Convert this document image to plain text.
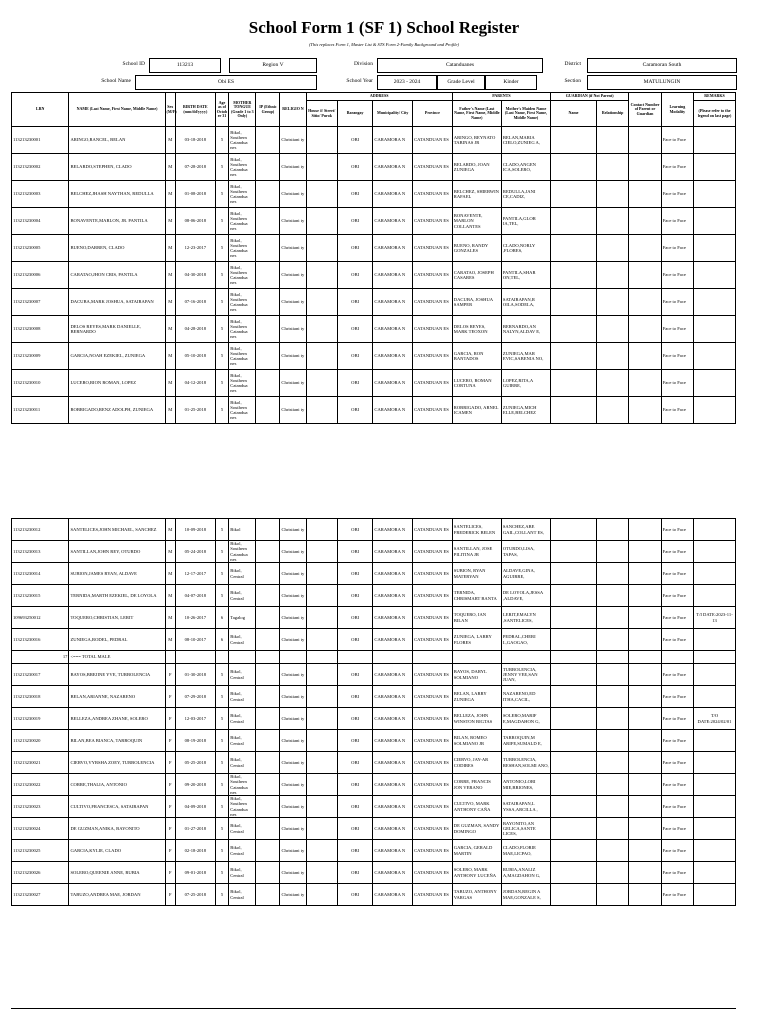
School Form 1 (SF 1) School Register
(This replaces Form 1, Master List & STS Form 2-Family Background and Profile)
School ID	113213	Region V	Division	Catanduanes	District	Caramoran South
School Name	Obi ES	School Year	2023 - 2024	Grade Level	Kinder	Section	MATULUNGIN
LRN	NAME (Last Name, First Name, Middle Name)	Sex (M/F)	BIRTH DATE (mm/dd/yyyy)	Age as of Octob er 31	MOTHER TONGUE (Grade 1 to 3 Only)	IP (Ethnic Group)	RELIGIO N	ADDRESS				PARENTS		GUARDIAN (if Not Parent)		Contact Number of Parent or Guardian	Learning Modality	REMARKS
								House #/ Street/ Sitio/ Purok	Barangay	Municipality/ City	Province	Father's Name (Last Name, First Name, Middle Name)	Mother's Maiden Name (Last Name, First Name, Middle Name)	Name	Relationship			(Please refer to the legend on last page)
113213230001	ARINGO,RANCEL, BELAN	M	03-18-2018	5	Bikol, Southern Catandua nes		Christiani ty		OBI	CARAMORA N	CATANDUAN ES	ARINGO, REYNATO TABINAS JR	BELAN,MARIA CIELO,ZUNIEG A,				Face to Face	
113213230002	BELARDO,STEPHEN, CLADO	M	07-28-2018	5	Bikol, Southern Catandua nes		Christiani ty		OBI	CARAMORA N	CATANDUAN ES	BELARDO, JOAN ZUNIEGA	CLADO,ANGEN ICA,SOLERO,				Face to Face	
113213230003	BELCHEZ,JHASH NAYTHAN, REDULLA	M	01-08-2018	5	Bikol, Southern Catandua nes		Christiani ty		OBI	CARAMORA N	CATANDUAN ES	BELCHEZ, SHIERWIN RAFAEL	REDULLA,JANI CE,CADIZ,				Face to Face	
113213230004	BONAVENTE,MARLON, JR. PANTILA	M	08-06-2018	5	Bikol, Southern Catandua nes		Christiani ty		OBI	CARAMORA N	CATANDUAN ES	BONAVENTE, MARLON COLLANTES	PANTILA,GLOR IA,TEL,				Face to Face	
113213230005	BUENO,DARREN, CLADO	M	12-23-2017	5	Bikol, Southern Catandua nes		Christiani ty		OBI	CARAMORA N	CATANDUAN ES	BUENO, RANDY GONZALES	CLADO,NORLY ,FLORES,				Face to Face	
113213230006	CARATAO,JHON CRIS, PANTILA	M	04-30-2018	5	Bikol, Southern Catandua nes		Christiani ty		OBI	CARAMORA N	CATANDUAN ES	CARATAO, JOSEPH CASARES	PANTILA,SHAR ON,TEL,				Face to Face	
113213230007	DACUBA,MARK JOSHUA, SATAIRAPAN	M	07-16-2018	5	Bikol, Southern Catandua nes		Christiani ty		OBI	CARAMORA N	CATANDUAN ES	DACUBA, JOSHUA SAMPER	SATAIRAPAN,R OILA,SODELA,				Face to Face	
113213230008	DELOS REYES,MARK DANIELLE, BERNARDO	M	04-28-2018	5	Bikol, Southern Catandua nes		Christiani ty		OBI	CARAMORA N	CATANDUAN ES	DELOS REYES, MARK TEOXON	BERNARDO,AN NALYN,ALDAV E,				Face to Face	
113213230009	GARCIA,NOAH EZEKIEL, ZUNIEGA	M	05-10-2018	5	Bikol, Southern Catandua nes		Christiani ty		OBI	CARAMORA N	CATANDUAN ES	GARCIA, RON BANTADOS	ZUNIEGA,MAR EVIC,SABENIA NO,				Face to Face	
113213230010	LUCERO,RION ROMAN, LOPEZ	M	04-12-2018	5	Bikol, Southern Catandua nes		Christiani ty		OBI	CARAMORA N	CATANDUAN ES	LUCERO, ROMAN CORTUNA	LOPEZ,RITA,A GUIRRE,				Face to Face	
113213230011	ROBRIGADO,RENZ ADOLPH, ZUNIEGA	M	01-25-2018	5	Bikol, Southern Catandua nes		Christiani ty		OBI	CARAMORA N	CATANDUAN ES	ROBRIGADO, ARNEL ICAMEN	ZUNIEGA,MICH ELLE,BELCHEZ				Face to Face	
113213230012	SANTELICES,JOHN MICHAEL, SANCHEZ	M	10-09-2018	5	Bikol		Christiani ty		OBI	CARAMORA N	CATANDUAN ES	SANTELICES, FREDERICK BELEN	SANCHEZ,ABE GAIL,COLLANT ES,				Face to Face	
113213230013	SANTILLAN,JOHN REY, OTURDO	M	05-24-2018	5	Bikol, Southern Catandua nes		Christiani ty		OBI	CARAMORA N	CATANDUAN ES	SANTILLAN, JOSE PILITINA JR	OTURDO,LISA, TAPAS,				Face to Face	
113213230014	SUBION,JAMES RYAN, ALDAVE	M	12-17-2017	5	Bikol, Central		Christiani ty		OBI	CARAMORA N	CATANDUAN ES	SUBION, RYAN MATERYAN	ALDAVE,GINA, AGUIRRE,				Face to Face	
113213230015	TERNIDA,MARTH EZEKIEL, DE LOYOLA	M	04-07-2018	5	Bikol, Central		Christiani ty		OBI	CARAMORA N	CATANDUAN ES	TERNIDA, CHRISMART BANTA	DE LOYOLA,JESSA ,ALDAVE,				Face to Face	
109693250012	TOQUERO,CHRISTIAN, LERIT	M	10-26-2017	6	Tagalog		Christiani ty		OBI	CARAMORA N	CATANDUAN ES	TOQUERO, IAN BILAN	LERIT,EMALYN ,SANTELICES,				Face to Face	T/I DATE:2023-11-13
113213230016	ZUNIEGA,RODEL, PEDRAL	M	08-10-2017	6	Bikol, Central		Christiani ty		OBI	CARAMORA N	CATANDUAN ES	ZUNIEGA, LARRY FLORES	PEDRAL,CHERI L,GAOGAO,				Face to Face	
17	<=== TOTAL MALE																	
113213230017	BAYOS,BREJINE YVE, TURBOLENCIA	F	01-30-2018	5	Bikol, Central		Christiani ty		OBI	CARAMORA N	CATANDUAN ES	BAYOS, DARYL SOLMIANO	TURBOLENCIA, JENNY VEE,SAN JUAN,				Face to Face	
113213230018	BELAN,ARIANNE, NAZARENO	F	07-29-2018	5	Bikol, Central		Christiani ty		OBI	CARAMORA N	CATANDUAN ES	BELAN, LARRY ZUNIEGA	NAZARENO,ED ITHA,CACIL,				Face to Face	
113213230019	BELLEZA,ANDREA ZHANE, SOLERO	F	12-03-2017	5	Bikol, Central		Christiani ty		OBI	CARAMORA N	CATANDUAN ES	BELLEZA, JOHN WINSTON BIGTAS	SOLERO,MARIF E,MAGDAHON G,				Face to Face	T/O DATE:2024/02/01
113213230020	BILAN,BEA BIANCA, TARROQUIN	F	08-19-2018	5	Bikol, Central		Christiani ty		OBI	CARAMORA N	CATANDUAN ES	BILAN, ROMEO SOLMIANO JR	TARROQUIN,M ARIFE,SUMALD E,				Face to Face	
113213230021	CIERVO,VYRSHA ZOEY, TURBOLENCIA	F	05-25-2018	5	Bikol, Central		Christiani ty		OBI	CARAMORA N	CATANDUAN ES	CIERVO, JAY-AR CODIRES	TURBOLENCIA, RESHAN,SOLMI ANO,				Face to Face	
113213230022	CORRE,THALIA, ANTONIO	F	09-20-2018	5	Bikol, Southern Catandua nes		Christiani ty		OBI	CARAMORA N	CATANDUAN ES	CORRE, FRANCIS JON VERANO	ANTONIO,LORI MIE,BRIONES,				Face to Face	
113213230023	CULTIVO,FRANCESCA, SATAIRAPAN	F	04-09-2018	5	Bikol, Southern Catandua nes		Christiani ty		OBI	CARAMORA N	CATANDUAN ES	CULTIVO, MARK ANTHONY CAÑA	SATAIRAPAN,L YSSA,ARCILLA ,				Face to Face	
113213230024	DE GUZMAN,ANIKA, BAYONITO	F	01-27-2018	5	Bikol, Central		Christiani ty		OBI	CARAMORA N	CATANDUAN ES	DE GUZMAN, SANDY DOMINGO	BAYONITO,AN GELICA,SANTE LICES,				Face to Face	
113213230025	GARCIA,KYLIE, CLADO	F	02-18-2018	5	Bikol, Central		Christiani ty		OBI	CARAMORA N	CATANDUAN ES	GARCIA, GERALD MARTIN	CLADO,FLORIE MAE,LICPAO,				Face to Face	
113213230026	SOLERO,QUEENIE ANNE, RUBIA	F	09-01-2018	5	Bikol, Central		Christiani ty		OBI	CARAMORA N	CATANDUAN ES	SOLERO, MARK ANTHONY LUCEÑA	RUBIA,ANALIZ A,MAGDAHON G,				Face to Face	
113213230027	TABUZO,ANDREA MAE, JORDAN	F	07-25-2018	5	Bikol, Central		Christiani ty		OBI	CARAMORA N	CATANDUAN ES	TABUZO, ANTHONY VARGAS	JORDAN,REGIN A MAE,GONZALE S,				Face to Face	
